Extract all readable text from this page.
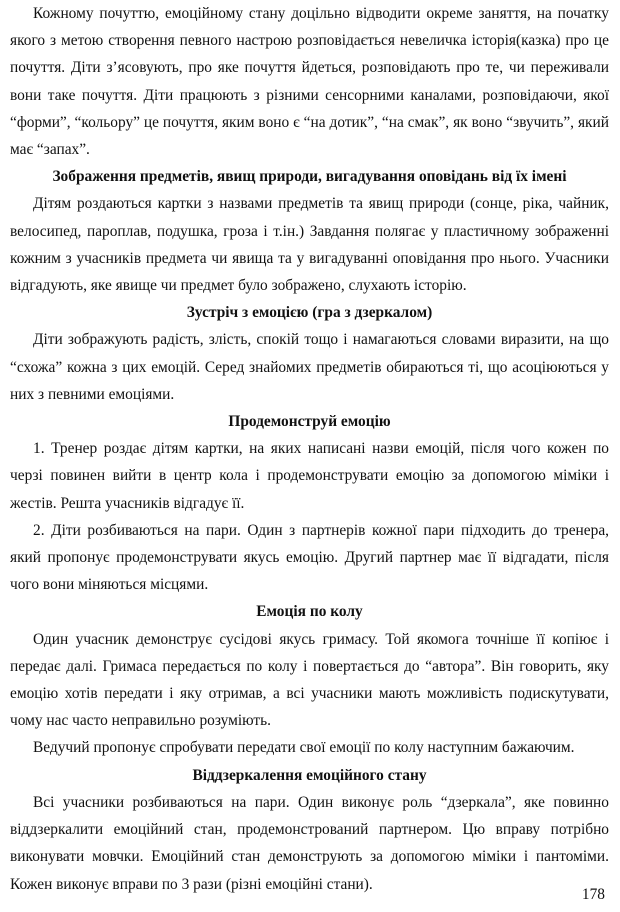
Кожному почуттю, емоційному стану доцільно відводити окреме заняття, на початку якого з метою створення певного настрою розповідається невеличка історія(казка) про це почуття. Діти з’ясовують, про яке почуття йдеться, розповідають про те, чи переживали вони таке почуття. Діти працюють з різними сенсорними каналами, розповідаючи, якої “форми”, “кольору” це почуття, яким воно є “на дотик”, “на смак”, як воно “звучить”, який має “запах”.

Зображення предметів, явищ природи, вигадування оповідань від їх імені

Дітям роздаються картки з назвами предметів та явищ природи (сонце, ріка, чайник, велосипед, пароплав, подушка, гроза і т.ін.) Завдання полягає у пластичному зображенні кожним з учасників предмета чи явища та у вигадуванні оповідання про нього. Учасники відгадують, яке явище чи предмет було зображено, слухають історію.

Зустріч з емоцією (гра з дзеркалом)

Діти зображують радість, злість, спокій тощо і намагаються словами виразити, на що “схожа” кожна з цих емоцій. Серед знайомих предметів обираються ті, що асоціюються у них з певними емоціями.

Продемонструй емоцію

1. Тренер роздає дітям картки, на яких написані назви емоцій, після чого кожен по черзі повинен вийти в центр кола і продемонструвати емоцію за допомогою міміки і жестів. Решта учасників відгадує її.

2. Діти розбиваються на пари. Один з партнерів кожної пари підходить до тренера, який пропонує продемонструвати якусь емоцію. Другий партнер має її відгадати, після чого вони міняються місцями.

Емоція по колу

Один учасник демонструє сусідові якусь гримасу. Той якомога точніше її копіює і передає далі. Гримаса передається по колу і повертається до “автора”. Він говорить, яку емоцію хотів передати і яку отримав, а всі учасники мають можливість подискутувати, чому нас часто неправильно розуміють.

Ведучий пропонує спробувати передати свої емоції по колу наступним бажаючим.

Віддзеркалення емоційного стану

Всі учасники розбиваються на пари. Один виконує роль “дзеркала”, яке повинно віддзеркалити емоційний стан, продемонстрований партнером. Цю вправу потрібно виконувати мовчки. Емоційний стан демонструють за допомогою міміки і пантоміми. Кожен виконує вправи по 3 рази (різні емоційні стани).

178
